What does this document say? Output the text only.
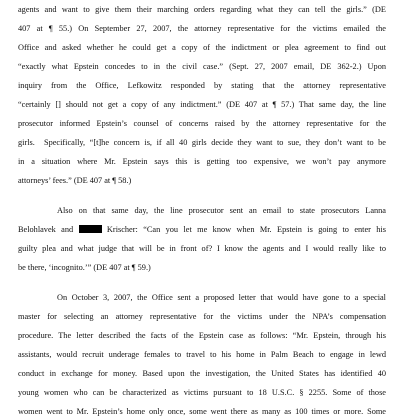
agents and want to give them their marching orders regarding what they can tell the girls.” (DE
407 at ¶ 55.) On September 27, 2007, the attorney representative for the victims emailed the
Office and asked whether he could get a copy of the indictment or plea agreement to find out
“exactly what Epstein concedes to in the civil case.” (Sept. 27, 2007 email, DE 362-2.) Upon
inquiry from the Office, Lefkowitz responded by stating that the attorney representative
“certainly [] should not get a copy of any indictment.” (DE 407 at ¶ 57.) That same day, the line
prosecutor informed Epstein’s counsel of concerns raised by the attorney representative for the
girls.  Specifically, “[t]he concern is, if all 40 girls decide they want to sue, they don’t want to be
in a situation where Mr. Epstein says this is getting too expensive, we won’t pay anymore
attorneys’ fees.” (DE 407 at ¶ 58.)
Also on that same day, the line prosecutor sent an email to state prosecutors Lanna
Belohlavek and	Krischer: “Can you let me know when Mr. Epstein is going to enter his
guilty plea and what judge that will be in front of? I know the agents and I would really like to
be there, ‘incognito.’” (DE 407 at ¶ 59.)
On October 3, 2007, the Office sent a proposed letter that would have gone to a special
master for selecting an attorney representative for the victims under the NPA’s compensation
procedure. The letter described the facts of the Epstein case as follows: “Mr. Epstein, through his
assistants, would recruit underage females to travel to his home in Palm Beach to engage in lewd
conduct in exchange for money. Based upon the investigation, the United States has identified 40
young women who can be characterized as victims pursuant to 18 U.S.C. § 2255. Some of those
women went to Mr. Epstein’s home only once, some went there as many as 100 times or more. Some
